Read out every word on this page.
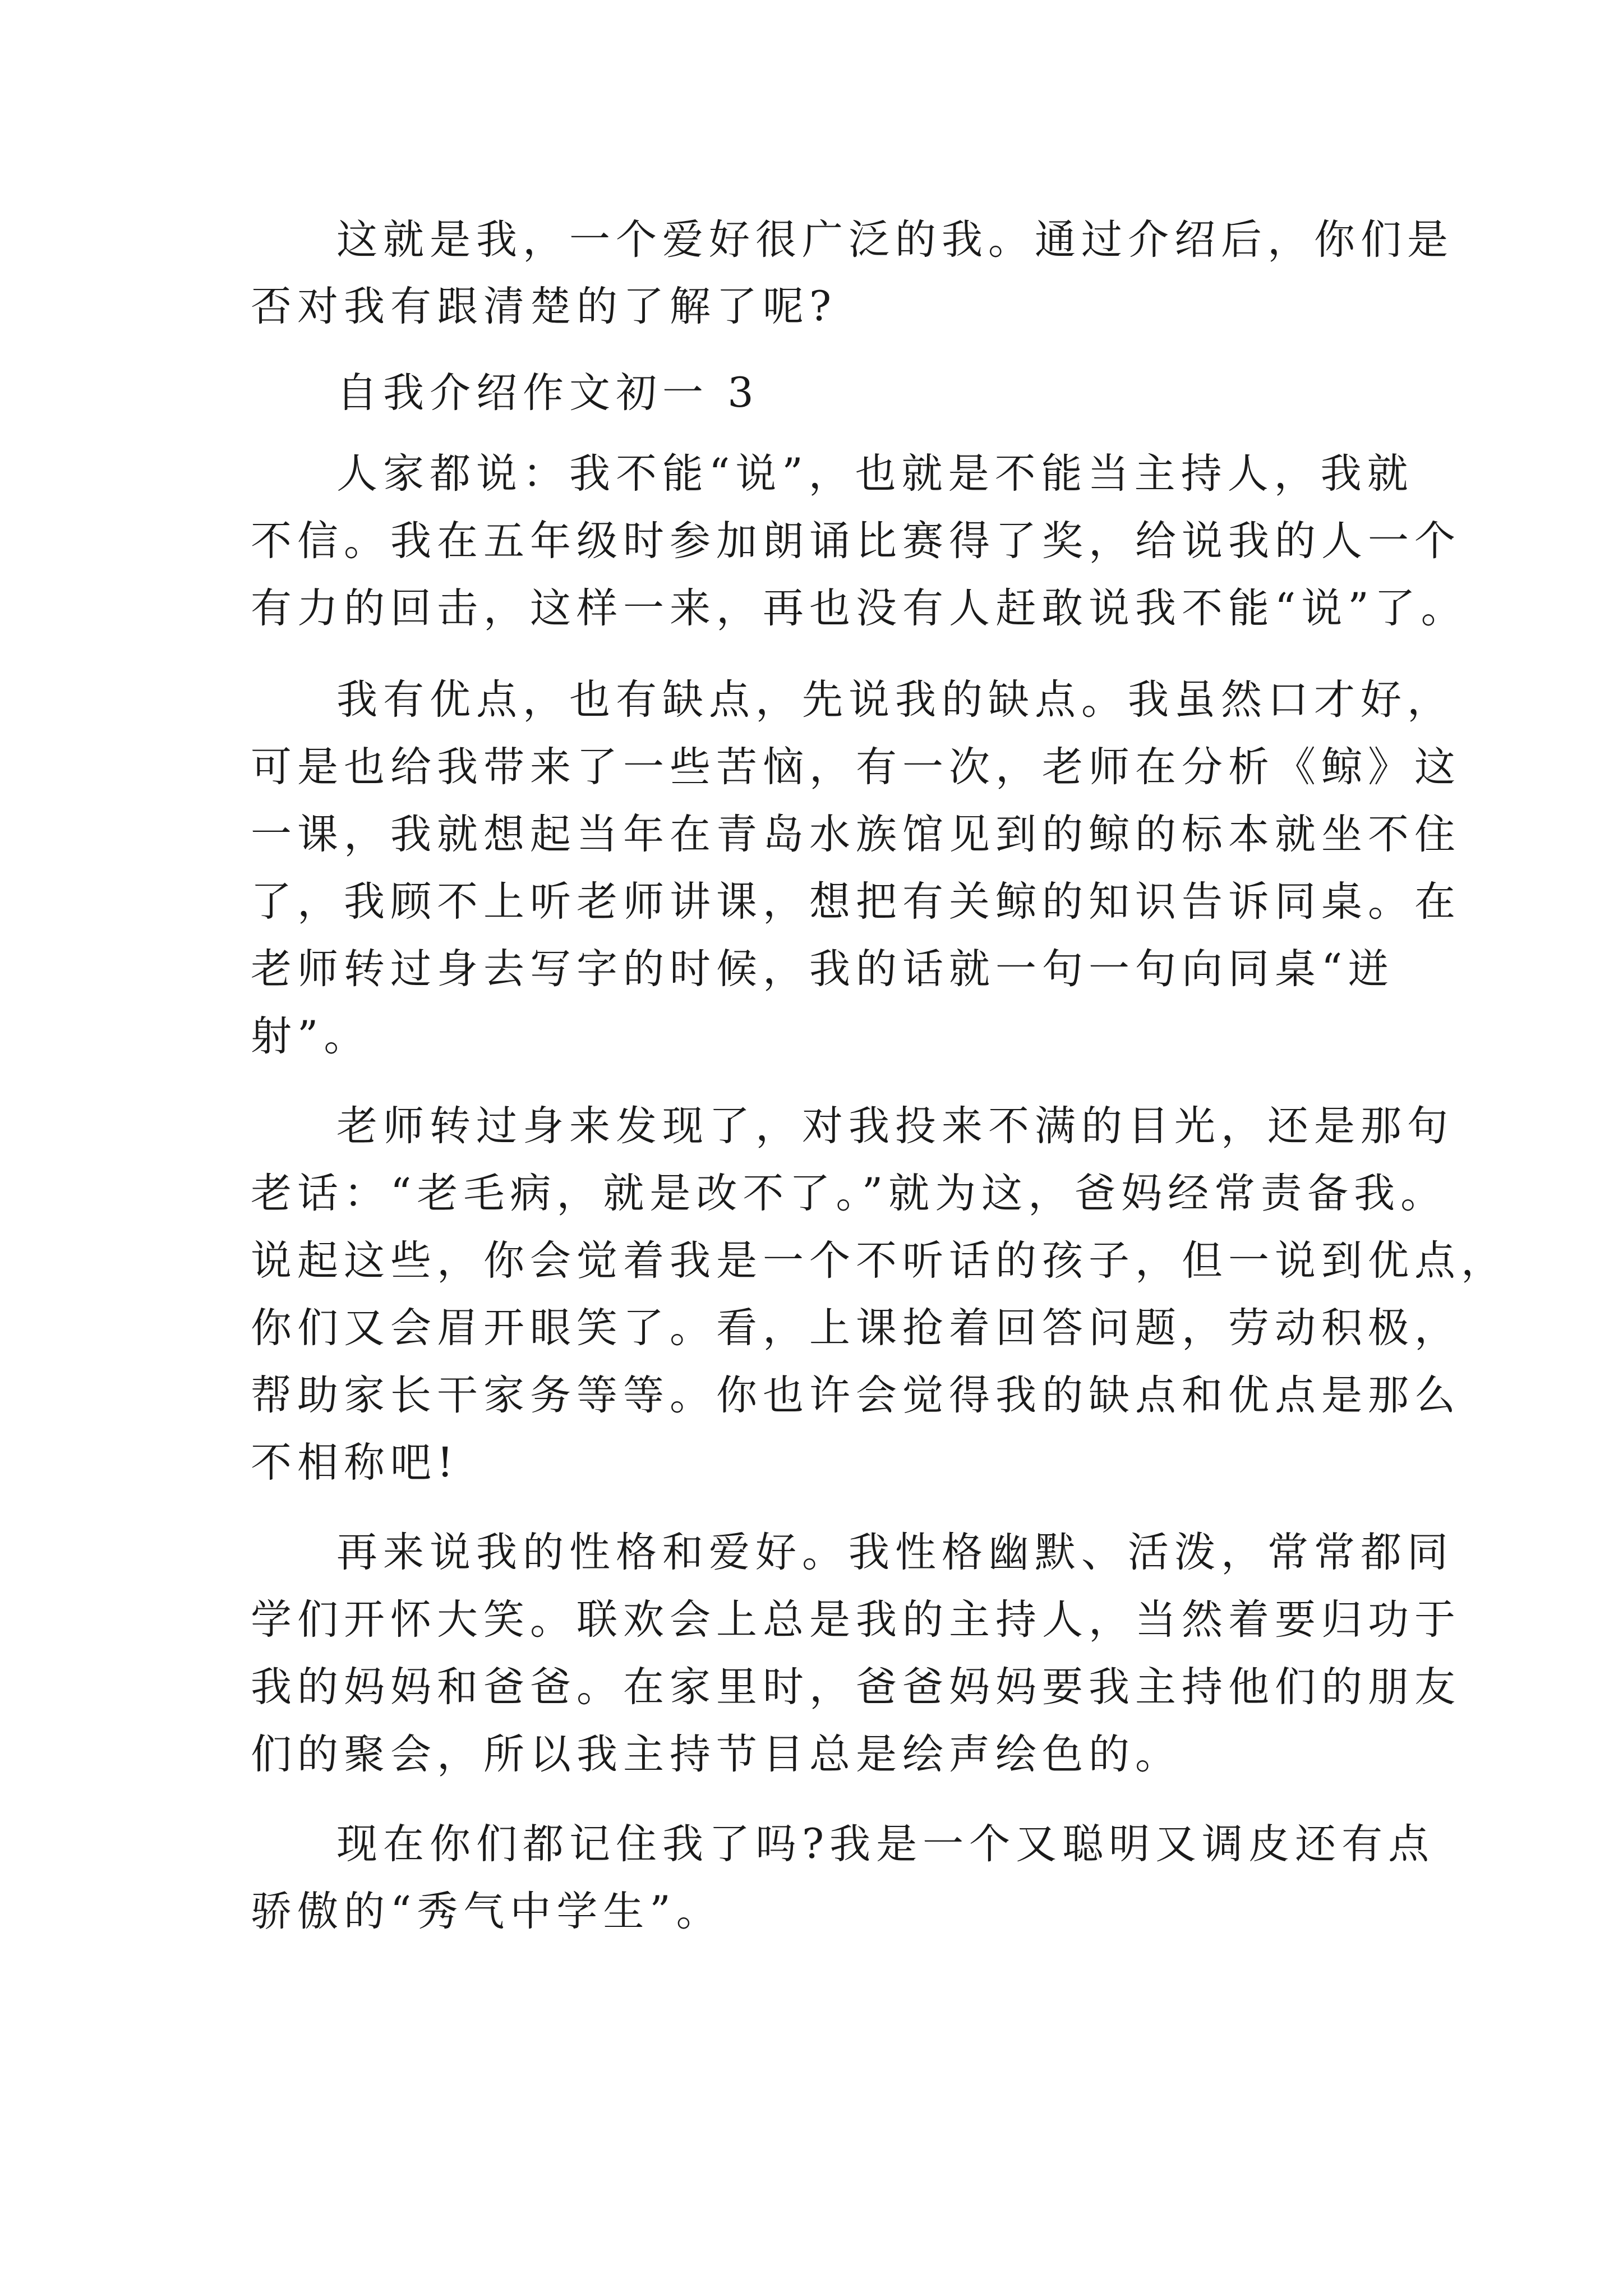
这就是我，一个爱好很广泛的我。通过介绍后，你们是

否对我有跟清楚的了解了呢?

自我介绍作文初一 3

人家都说：我不能“说”，也就是不能当主持人，我就

不信。我在五年级时参加朗诵比赛得了奖，给说我的人一个

有力的回击，这样一来，再也没有人赶敢说我不能“说”了。

我有优点，也有缺点，先说我的缺点。我虽然口才好，

可是也给我带来了一些苦恼，有一次，老师在分析《鲸》这

一课，我就想起当年在青岛水族馆见到的鲸的标本就坐不住

了，我顾不上听老师讲课，想把有关鲸的知识告诉同桌。在

老师转过身去写字的时候，我的话就一句一句向同桌“迸

射”。

老师转过身来发现了，对我投来不满的目光，还是那句

老话：“老毛病，就是改不了。”就为这，爸妈经常责备我。

说起这些，你会觉着我是一个不听话的孩子，但一说到优点，

你们又会眉开眼笑了。看，上课抢着回答问题，劳动积极，

帮助家长干家务等等。你也许会觉得我的缺点和优点是那么

不相称吧!

再来说我的性格和爱好。我性格幽默、活泼，常常都同

学们开怀大笑。联欢会上总是我的主持人，当然着要归功于

我的妈妈和爸爸。在家里时，爸爸妈妈要我主持他们的朋友

们的聚会，所以我主持节目总是绘声绘色的。

现在你们都记住我了吗?我是一个又聪明又调皮还有点

骄傲的“秀气中学生”。
